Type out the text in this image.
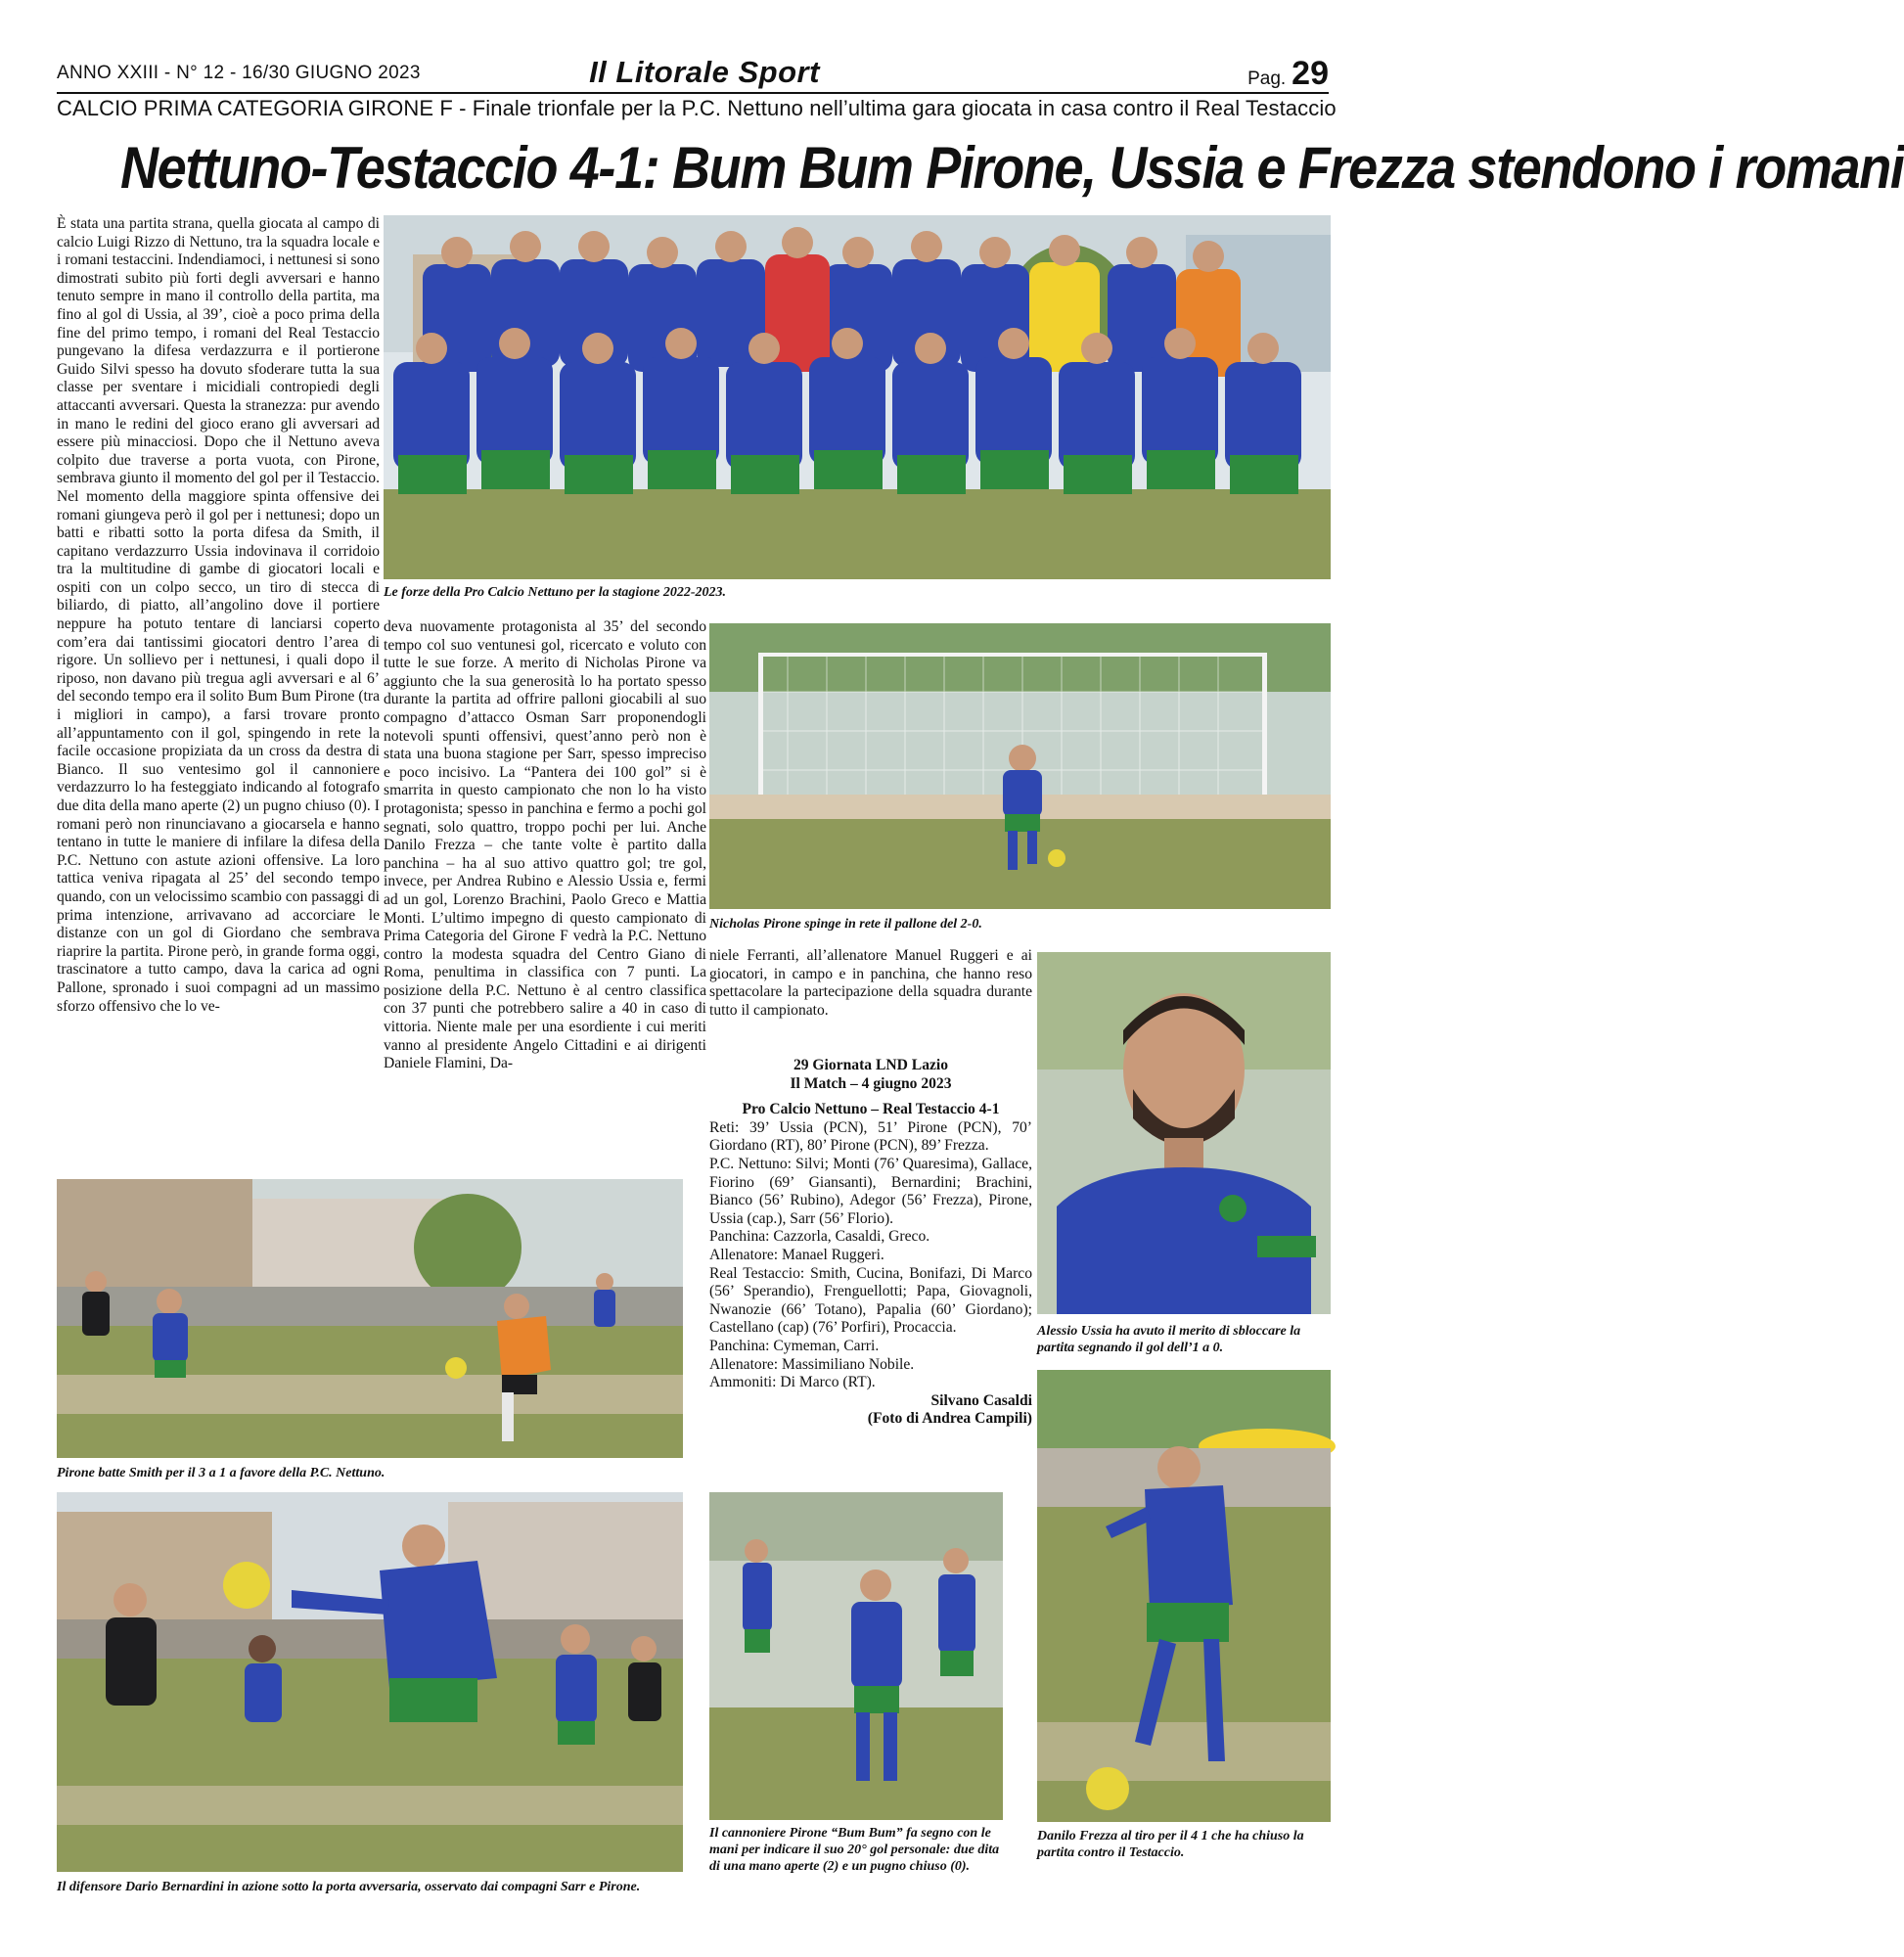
ANNO XXIII - N° 12 - 16/30 GIUGNO 2023	Il Litorale Sport	Pag. 29
CALCIO PRIMA CATEGORIA GIRONE F - Finale trionfale per la P.C. Nettuno nell’ultima gara giocata in casa contro il Real Testaccio
Nettuno-Testaccio 4-1: Bum Bum Pirone, Ussia e Frezza stendono i romani

È stata una partita strana, quella giocata al campo di calcio Luigi Rizzo di Nettuno, tra la squadra locale e i romani testaccini. Indendiamoci, i nettunesi si sono dimostrati subito più forti degli avversari e hanno tenuto sempre in mano il controllo della partita, ma fino al gol di Ussia, al 39’, cioè a poco prima della fine del primo tempo, i romani del Real Testaccio pungevano la difesa verdazzurra e il portierone Guido Silvi spesso ha dovuto sfoderare tutta la sua classe per sventare i micidiali contropiedi degli attaccanti avversari. Questa la stranezza: pur avendo in mano le redini del gioco erano gli avversari ad essere più minacciosi. Dopo che il Nettuno aveva colpito due traverse a porta vuota, con Pirone, sembrava giunto il momento del gol per il Testaccio. Nel momento della maggiore spinta offensive dei romani giungeva però il gol per i nettunesi; dopo un batti e ribatti sotto la porta difesa da Smith, il capitano verdazzurro Ussia indovinava il corridoio tra la multitudine di gambe di giocatori locali e ospiti con un colpo secco, un tiro di stecca di biliardo, di piatto, all’angolino dove il portiere neppure ha potuto tentare di lanciarsi coperto com’era dai tantissimi giocatori dentro l’area di rigore. Un sollievo per i nettunesi, i quali dopo il riposo, non davano più tregua agli avversari e al 6’ del secondo tempo era il solito Bum Bum Pirone (tra i migliori in campo), a farsi trovare pronto all’appuntamento con il gol, spingendo in rete la facile occasione propiziata da un cross da destra di Bianco. Il suo ventesimo gol il cannoniere verdazzurro lo ha festeggiato indicando al fotografo due dita della mano aperte (2) un pugno chiuso (0). I romani però non rinunciavano a giocarsela e hanno tentano in tutte le maniere di infilare la difesa della P.C. Nettuno con astute azioni offensive. La loro tattica veniva ripagata al 25’ del secondo tempo quando, con un velocissimo scambio con passaggi di prima intenzione, arrivavano ad accorciare le distanze con un gol di Giordano che sembrava riaprire la partita. Pirone però, in grande forma oggi, trascinatore a tutto campo, dava la carica ad ogni Pallone, spronado i suoi compagni ad un massimo sforzo offensivo che lo ve-

Le forze della Pro Calcio Nettuno per la stagione 2022-2023.

deva nuovamente protagonista al 35’ del secondo tempo col suo ventunesi gol, ricercato e voluto con tutte le sue forze. A merito di Nicholas Pirone va aggiunto che la sua generosità lo ha portato spesso durante la partita ad offrire palloni giocabili al suo compagno d’attacco Osman Sarr proponendogli notevoli spunti offensivi, quest’anno però non è stata una buona stagione per Sarr, spesso impreciso e poco incisivo. La “Pantera dei 100 gol” si è smarrita in questo campionato che non lo ha visto protagonista; spesso in panchina e fermo a pochi gol segnati, solo quattro, troppo pochi per lui. Anche Danilo Frezza – che tante volte è partito dalla panchina – ha al suo attivo quattro gol; tre gol, invece, per Andrea Rubino e Alessio Ussia e, fermi ad un gol, Lorenzo Brachini, Paolo Greco e Mattia Monti. L’ultimo impegno di questo campionato di Prima Categoria del Girone F vedrà la P.C. Nettuno contro la modesta squadra del Centro Giano di Roma, penultima in classifica con 7 punti. La posizione della P.C. Nettuno è al centro classifica con 37 punti che potrebbero salire a 40 in caso di vittoria. Niente male per una esordiente i cui meriti vanno al presidente Angelo Cittadini e ai dirigenti Daniele Flamini, Da-

Nicholas Pirone spinge in rete il pallone del 2-0.

niele Ferranti, all’allenatore Manuel Ruggeri e ai giocatori, in campo e in panchina, che hanno reso spettacolare la partecipazione della squadra durante tutto il campionato.

29 Giornata LND Lazio

Il Match – 4 giugno 2023

Pro Calcio Nettuno – Real Testaccio 4-1

Reti: 39’ Ussia (PCN), 51’ Pirone (PCN), 70’ Giordano (RT), 80’ Pirone (PCN), 89’ Frezza.

P.C. Nettuno: Silvi; Monti (76’ Quaresima), Gallace, Fiorino (69’ Giansanti), Bernardini; Brachini, Bianco (56’ Rubino), Adegor (56’ Frezza), Pirone, Ussia (cap.), Sarr (56’ Florio).

Panchina: Cazzorla, Casaldi, Greco.

Allenatore: Manael Ruggeri.

Real Testaccio: Smith, Cucina, Bonifazi, Di Marco (56’ Sperandio), Frenguellotti; Papa, Giovagnoli, Nwanozie (66’ Totano), Papalia (60’ Giordano); Castellano (cap) (76’ Porfiri), Procaccia.

Panchina: Cymeman, Carri.

Allenatore: Massimiliano Nobile.

Ammoniti: Di Marco (RT).

Silvano Casaldi

(Foto di Andrea Campili)

Alessio Ussia ha avuto il merito di sbloccare la partita segnando il gol dell’1 a 0.
Pirone batte Smith per il 3 a 1 a favore della P.C. Nettuno.
Il difensore Dario Bernardini in azione sotto la porta avversaria, osservato dai compagni Sarr e Pirone.
Il cannoniere Pirone “Bum Bum” fa segno con le mani per indicare il suo 20° gol personale: due dita di una mano aperte (2) e un pugno chiuso (0).
Danilo Frezza al tiro per il 4 1 che ha chiuso la partita contro il Testaccio.
